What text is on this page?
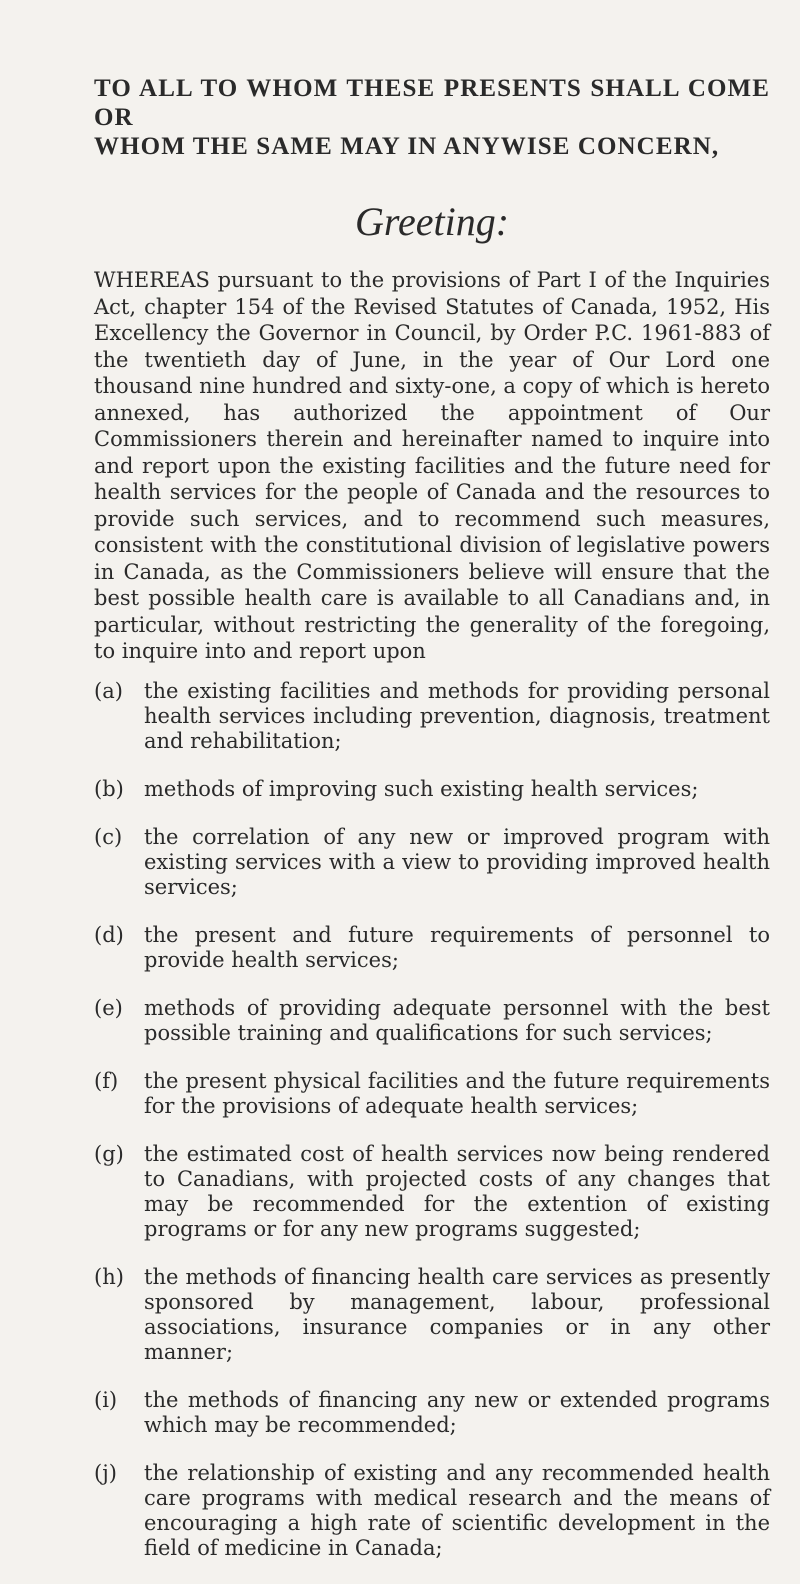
TO ALL TO WHOM THESE PRESENTS SHALL COME OR
WHOM THE SAME MAY IN ANYWISE CONCERN,
Greeting:

WHEREAS pursuant to the provisions of Part I of the Inquiries Act, chapter 154 of the Revised Statutes of Canada, 1952, His Excellency the Governor in Council, by Order P.C. 1961-883 of the twentieth day of June, in the year of Our Lord one thousand nine hundred and sixty-one, a copy of which is hereto annexed, has authorized the appointment of Our Commissioners therein and hereinafter named to inquire into and report upon the existing facilities and the future need for health services for the people of Canada and the resources to provide such services, and to recommend such measures, consistent with the constitutional division of legislative powers in Canada, as the Commissioners believe will ensure that the best possible health care is available to all Canadians and, in particular, without restricting the generality of the foregoing, to inquire into and report upon

(a)	the existing facilities and methods for providing personal health services including prevention, diagnosis, treatment and rehabilitation;
(b) methods of improving such existing health services;
(c)	the correlation of any new or improved program with existing services with a view to providing improved health services;
(d) the present and future requirements of personnel to provide health services;
(e)	methods of providing adequate personnel with the best possible training and qualifications for such services;
(f)	the present physical facilities and the future requirements for the provisions of adequate health services;
(g) the estimated cost of health services now being rendered to Canadians, with projected costs of any changes that may be recommended for the extention of existing programs or for any new programs suggested;
(h) the methods of financing health care services as presently sponsored by management, labour, professional associations, insurance companies or in any other manner;
(i)	the methods of financing any new or extended programs which may be recommended;
(j)	the relationship of existing and any recommended health care programs with medical research and the means of encouraging a high rate of scientific development in the field of medicine in Canada;
